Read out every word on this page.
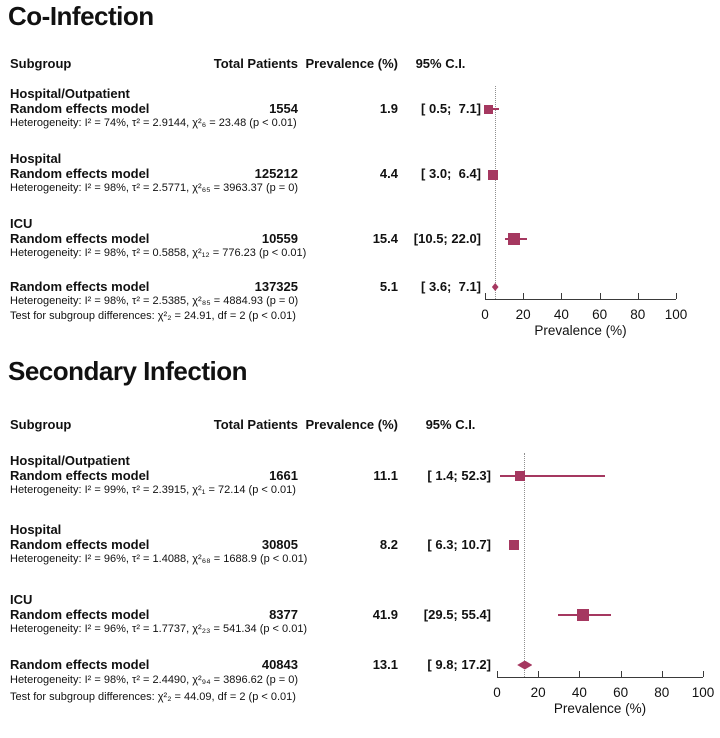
Co-Infection
Subgroup	Total Patients Prevalence (%)	95% C.I.
Hospital/Outpatient
Random effects model	1554	1.9	[ 0.5;  7.1]
Heterogeneity: I² = 74%, τ² = 2.9144, χ²₆ = 23.48 (p < 0.01)
Hospital
Random effects model	125212	4.4	[ 3.0;  6.4]
Heterogeneity: I² = 98%, τ² = 2.5771, χ²₆₅ = 3963.37 (p = 0)
ICU
Random effects model	10559	15.4	[10.5; 22.0]
Heterogeneity: I² = 98%, τ² = 0.5858, χ²₁₂ = 776.23 (p < 0.01)
Random effects model	137325	5.1	[ 3.6;  7.1]
Heterogeneity: I² = 98%, τ² = 2.5385, χ²₈₅ = 4884.93 (p = 0)
Test for subgroup differences: χ²₂ = 24.91, df = 2 (p < 0.01)
Prevalence (%)
0 20 40 60 80 100
Secondary Infection
Subgroup	Total Patients Prevalence (%)	95% C.I.
Hospital/Outpatient
Random effects model	1661	11.1	[ 1.4; 52.3]
Heterogeneity: I² = 99%, τ² = 2.3915, χ²₁ = 72.14 (p < 0.01)
Hospital
Random effects model	30805	8.2	[ 6.3; 10.7]
Heterogeneity: I² = 96%, τ² = 1.4088, χ²₆₈ = 1688.9 (p < 0.01)
ICU
Random effects model	8377	41.9	[29.5; 55.4]
Heterogeneity: I² = 96%, τ² = 1.7737, χ²₂₃ = 541.34 (p < 0.01)
Random effects model	40843	13.1	[ 9.8; 17.2]
Heterogeneity: I² = 98%, τ² = 2.4490, χ²₉₄ = 3896.62 (p = 0)
Test for subgroup differences: χ²₂ = 44.09, df = 2 (p < 0.01)
Prevalence (%)
0 20 40 60 80 100
